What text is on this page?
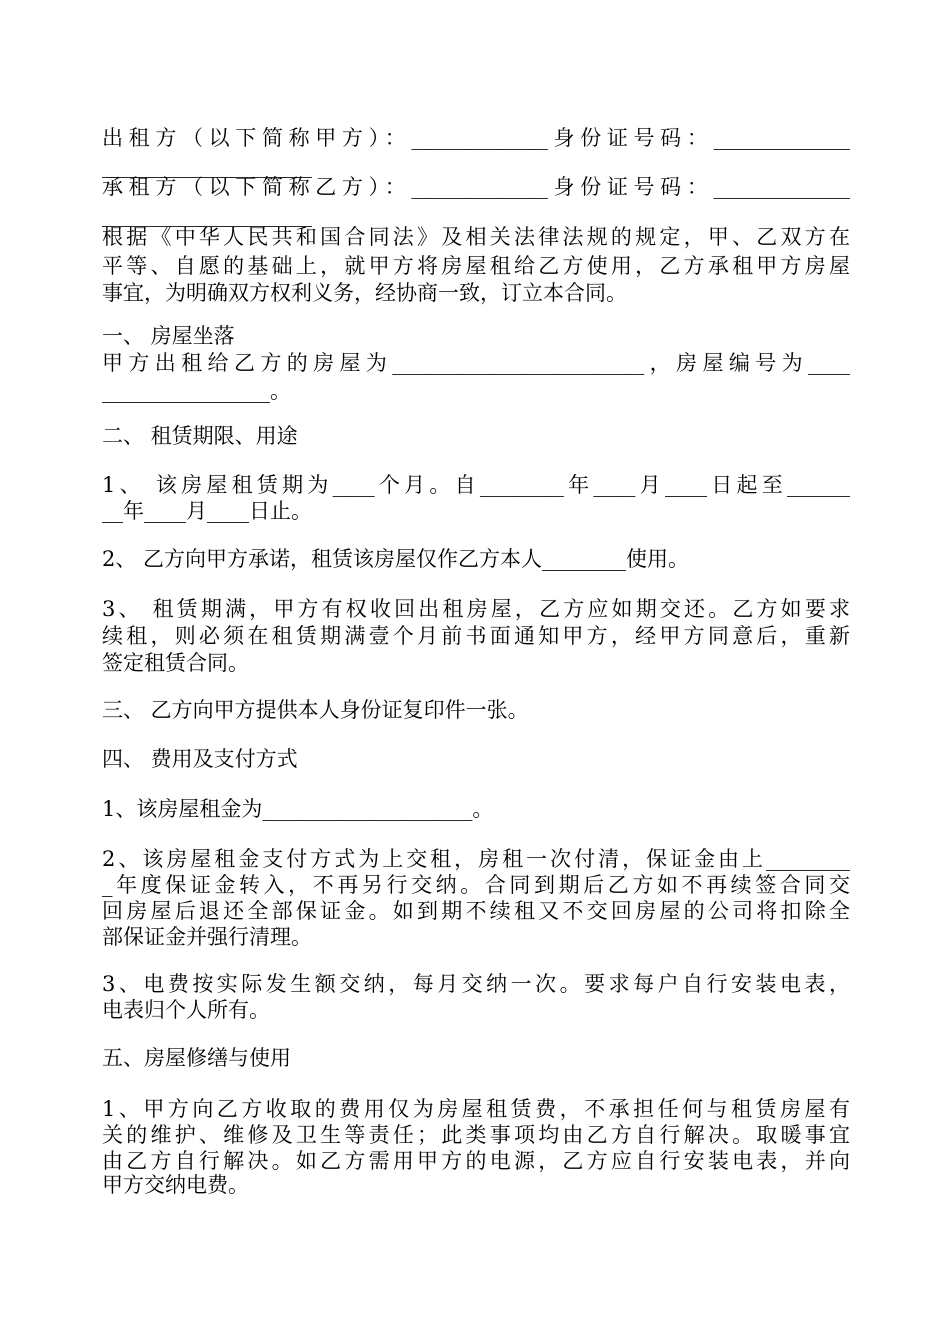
出租方（以下简称甲方）：_____________身份证号码：_____________
____________________
承租方（以下简称乙方）：_____________身份证号码：_____________
____________________
根据《中华人民共和国合同法》及相关法律法规的规定，甲、乙双方在
平等、自愿的基础上，就甲方将房屋租给乙方使用，乙方承租甲方房屋
事宜，为明确双方权利义务，经协商一致，订立本合同。
一、 房屋坐落
甲方出租给乙方的房屋为________________________，房屋编号为____
________________。
二、 租赁期限、用途
1、 该房屋租赁期为____个月。自________年____月____日起至______
__年____月____日止。
2、 乙方向甲方承诺，租赁该房屋仅作乙方本人________使用。
3、 租赁期满，甲方有权收回出租房屋，乙方应如期交还。乙方如要求
续租，则必须在租赁期满壹个月前书面通知甲方，经甲方同意后，重新
签定租赁合同。
三、 乙方向甲方提供本人身份证复印件一张。
四、 费用及支付方式
1、该房屋租金为____________________。
2、该房屋租金支付方式为上交租，房租一次付清，保证金由上________
_年度保证金转入，不再另行交纳。合同到期后乙方如不再续签合同交
回房屋后退还全部保证金。如到期不续租又不交回房屋的公司将扣除全
部保证金并强行清理。
3、电费按实际发生额交纳，每月交纳一次。要求每户自行安装电表，
电表归个人所有。
五、房屋修缮与使用
1、甲方向乙方收取的费用仅为房屋租赁费，不承担任何与租赁房屋有
关的维护、维修及卫生等责任；此类事项均由乙方自行解决。取暖事宜
由乙方自行解决。如乙方需用甲方的电源，乙方应自行安装电表，并向
甲方交纳电费。
